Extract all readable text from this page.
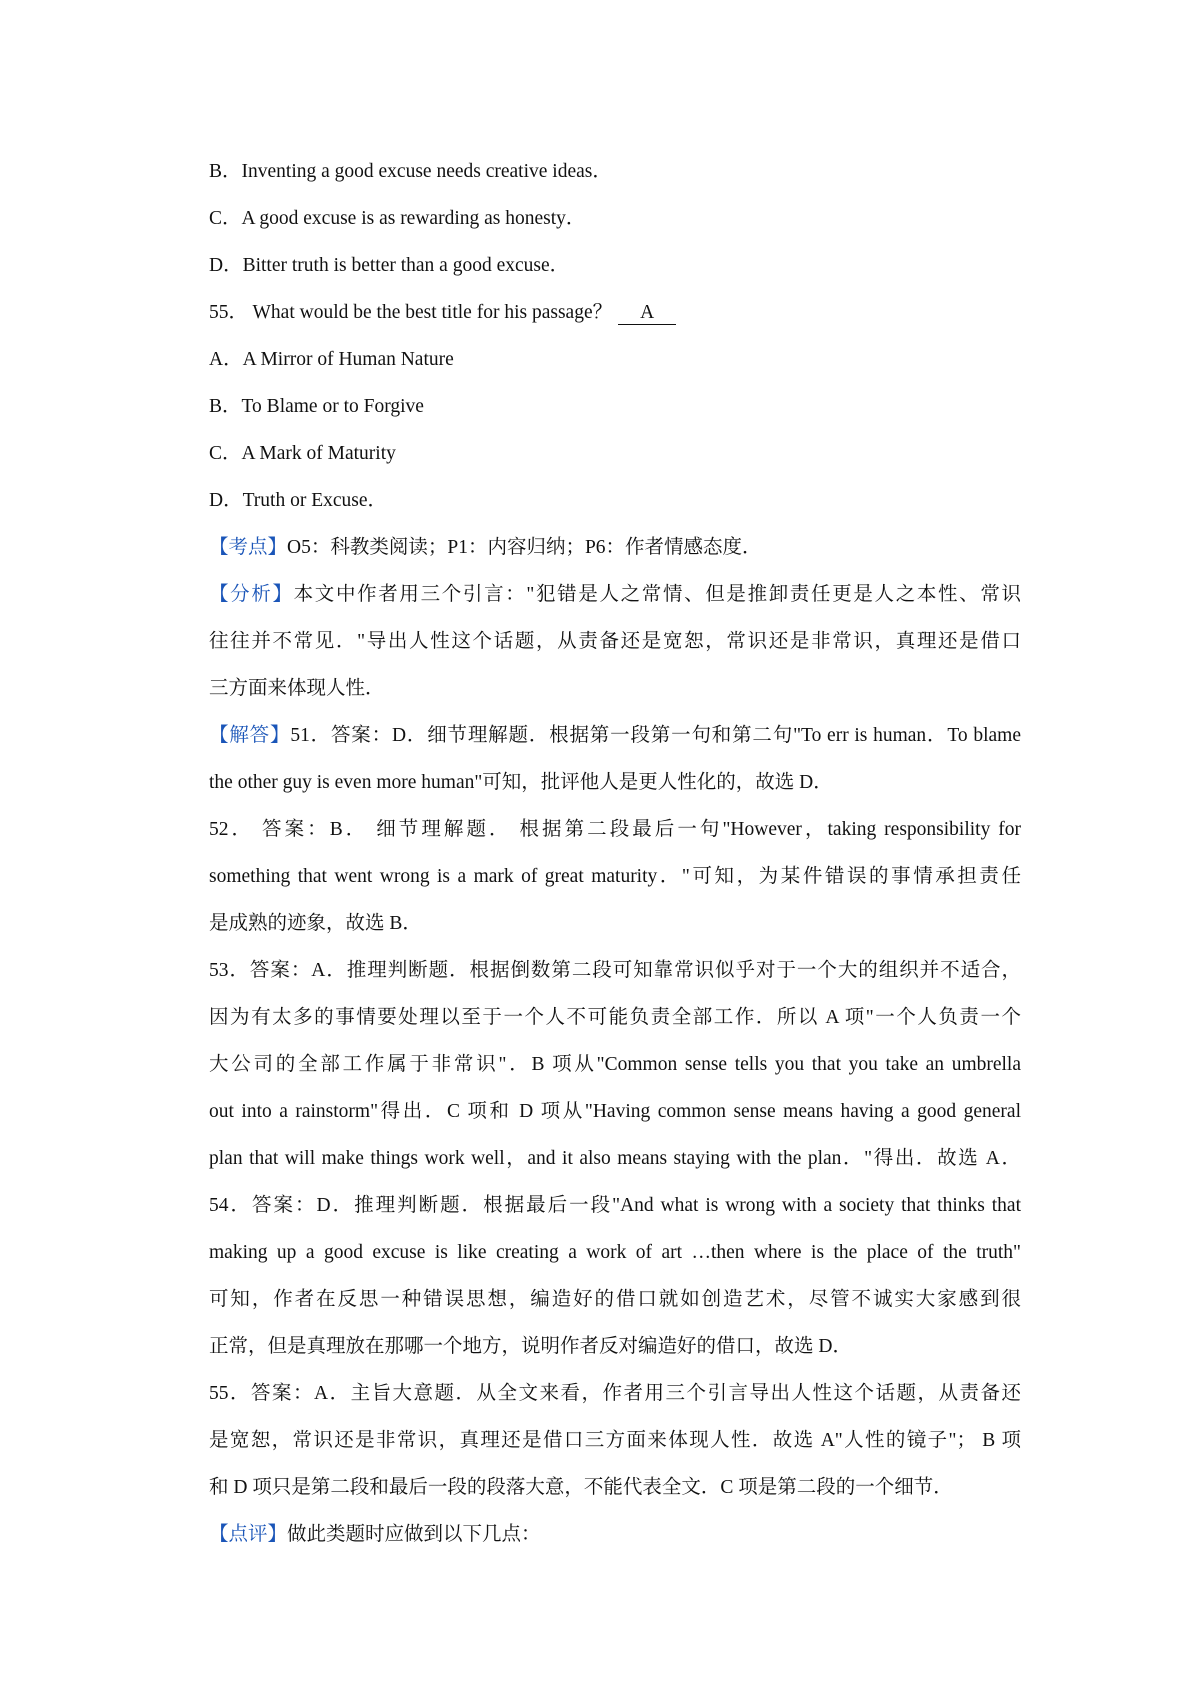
B．Inventing a good excuse needs creative ideas．
C．A good excuse is as rewarding as honesty．
D．Bitter truth is better than a good excuse．
55． What would be the best title for his passage？ A
A．A Mirror of Human Nature
B．To Blame or to Forgive
C．A Mark of Maturity
D．Truth or Excuse．
【考点】O5：科教类阅读；P1：内容归纳；P6：作者情感态度．
【分析】本文中作者用三个引言："犯错是人之常情、但是推卸责任更是人之本性、常识
往往并不常见．"导出人性这个话题，从责备还是宽恕，常识还是非常识，真理还是借口
三方面来体现人性．
【解答】51．答案：D．细节理解题．根据第一段第一句和第二句"To err is human．To blame
the other guy is even more human"可知，批评他人是更人性化的，故选 D．
52． 答案：B． 细节理解题． 根据第二段最后一句"However，taking responsibility for
something that went wrong is a mark of great maturity．"可知，为某件错误的事情承担责任
是成熟的迹象，故选 B．
53．答案：A．推理判断题．根据倒数第二段可知靠常识似乎对于一个大的组织并不适合，
因为有太多的事情要处理以至于一个人不可能负责全部工作．所以 A 项"一个人负责一个
大公司的全部工作属于非常识"．B 项从"Common sense tells you that you take an umbrella
out into a rainstorm"得出．C 项和 D 项从"Having common sense means having a good general
plan that will make things work well，and it also means staying with the plan．"得出．故选 A．
54．答案：D．推理判断题．根据最后一段"And what is wrong with a society that thinks that
making up a good excuse is like creating a work of art …then where is the place of the truth"
可知，作者在反思一种错误思想，编造好的借口就如创造艺术，尽管不诚实大家感到很
正常，但是真理放在那哪一个地方，说明作者反对编造好的借口，故选 D．
55．答案：A．主旨大意题．从全文来看，作者用三个引言导出人性这个话题，从责备还
是宽恕，常识还是非常识，真理还是借口三方面来体现人性．故选 A"人性的镜子"； B 项
和 D 项只是第二段和最后一段的段落大意，不能代表全文．C 项是第二段的一个细节．
【点评】做此类题时应做到以下几点：
